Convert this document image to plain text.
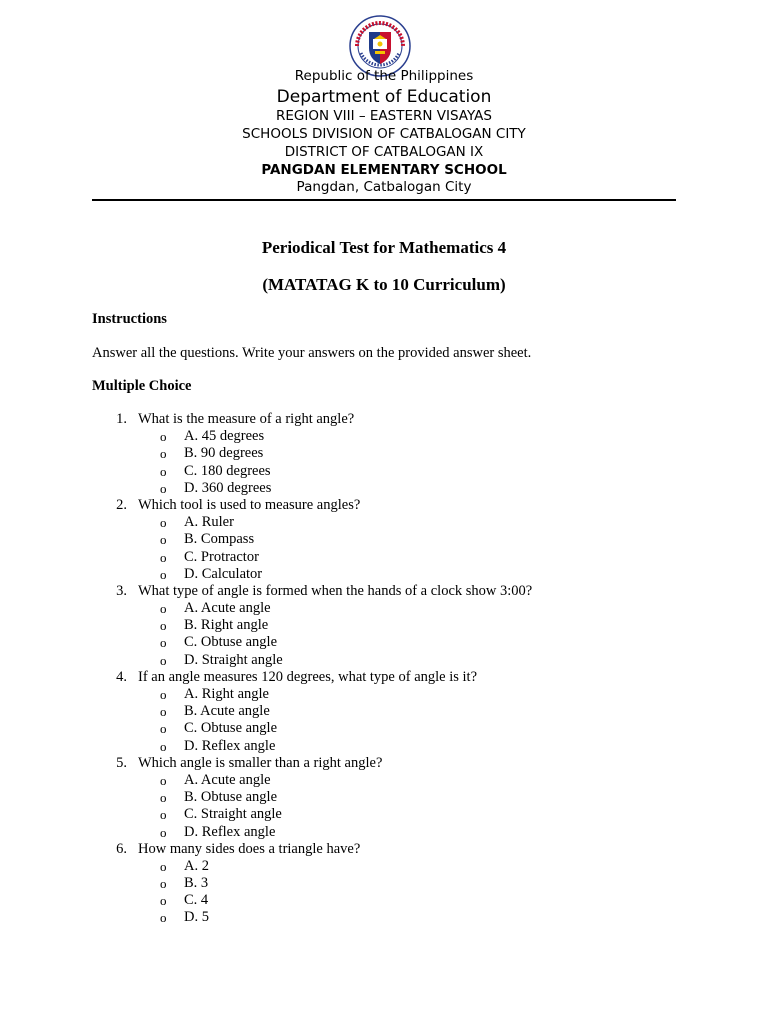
Republic of the Philippines
Department of Education
REGION VIII – EASTERN VISAYAS
SCHOOLS DIVISION OF CATBALOGAN CITY
DISTRICT OF CATBALOGAN IX
PANGDAN ELEMENTARY SCHOOL
Pangdan, Catbalogan City
Periodical Test for Mathematics 4
(MATATAG K to 10 Curriculum)
Instructions
Answer all the questions. Write your answers on the provided answer sheet.
Multiple Choice
1. What is the measure of a right angle?
o A. 45 degrees
o B. 90 degrees
o C. 180 degrees
o D. 360 degrees
2. Which tool is used to measure angles?
o A. Ruler
o B. Compass
o C. Protractor
o D. Calculator
3. What type of angle is formed when the hands of a clock show 3:00?
o A. Acute angle
o B. Right angle
o C. Obtuse angle
o D. Straight angle
4. If an angle measures 120 degrees, what type of angle is it?
o A. Right angle
o B. Acute angle
o C. Obtuse angle
o D. Reflex angle
5. Which angle is smaller than a right angle?
o A. Acute angle
o B. Obtuse angle
o C. Straight angle
o D. Reflex angle
6. How many sides does a triangle have?
o A. 2
o B. 3
o C. 4
o D. 5
